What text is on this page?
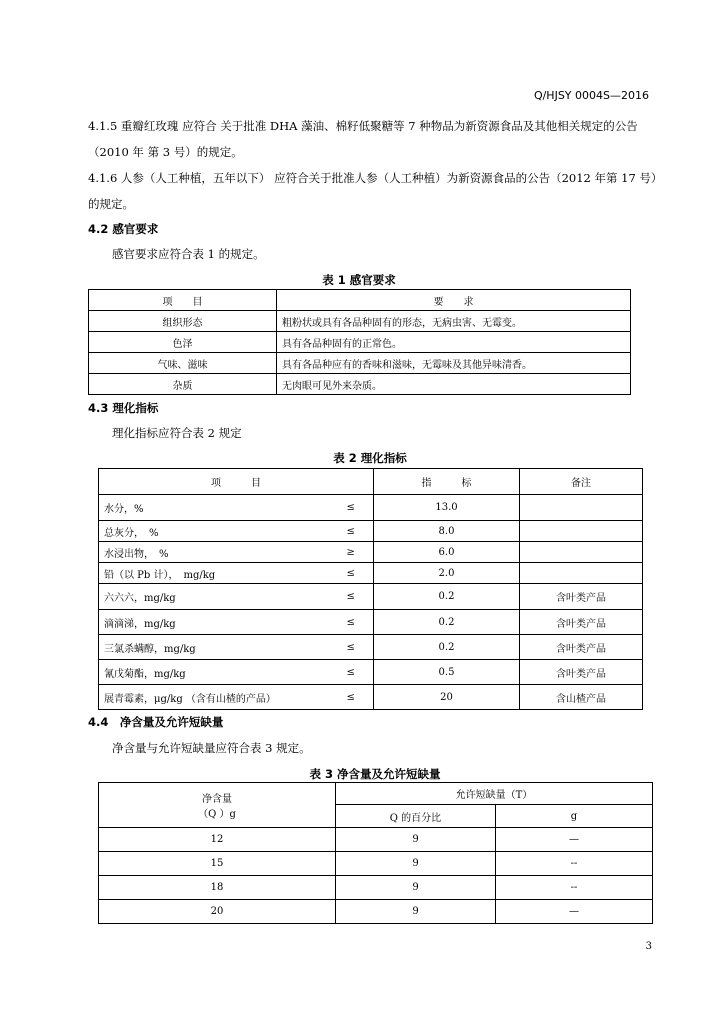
Q/HJSY 0004S—2016
4.1.5 重瓣红玫瑰 应符合 关于批准 DHA 藻油、棉籽低聚糖等 7 种物品为新资源食品及其他相关规定的公告（2010 年 第 3 号）的规定。
4.1.6 人参（人工种植，五年以下） 应符合关于批准人参（人工种植）为新资源食品的公告（2012 年第 17 号）的规定。
4.2 感官要求
感官要求应符合表 1 的规定。
表 1 感官要求
项　　目	要　　求
组织形态	粗粉状或具有各品种固有的形态，无病虫害、无霉变。
色泽	具有各品种固有的正常色。
气味、滋味	具有各品种应有的香味和滋味，无霉味及其他异味清香。
杂质	无肉眼可见外来杂质。
4.3 理化指标
理化指标应符合表 2 规定
表 2 理化指标
项　　　目		指　　　标	备注
水分，%	≤	13.0	
总灰分，　%	≤	8.0	
水浸出物，　%	≥	6.0	
铅（以 Pb 计），　mg/kg	≤	2.0	
六六六，mg/kg	≤	0.2	含叶类产品
滴滴涕，mg/kg	≤	0.2	含叶类产品
三氯杀螨醇，mg/kg	≤	0.2	含叶类产品
氰戊菊酯，mg/kg	≤	0.5	含叶类产品
展青霉素，μg/kg （含有山楂的产品）	≤	20	含山楂产品
4.4　净含量及允许短缺量
净含量与允许短缺量应符合表 3 规定。
表 3 净含量及允许短缺量
净含量
（Q ）g	允许短缺量（T）	
	Q 的百分比	g
12	9	—
15	9	--
18	9	--
20	9	—
3
